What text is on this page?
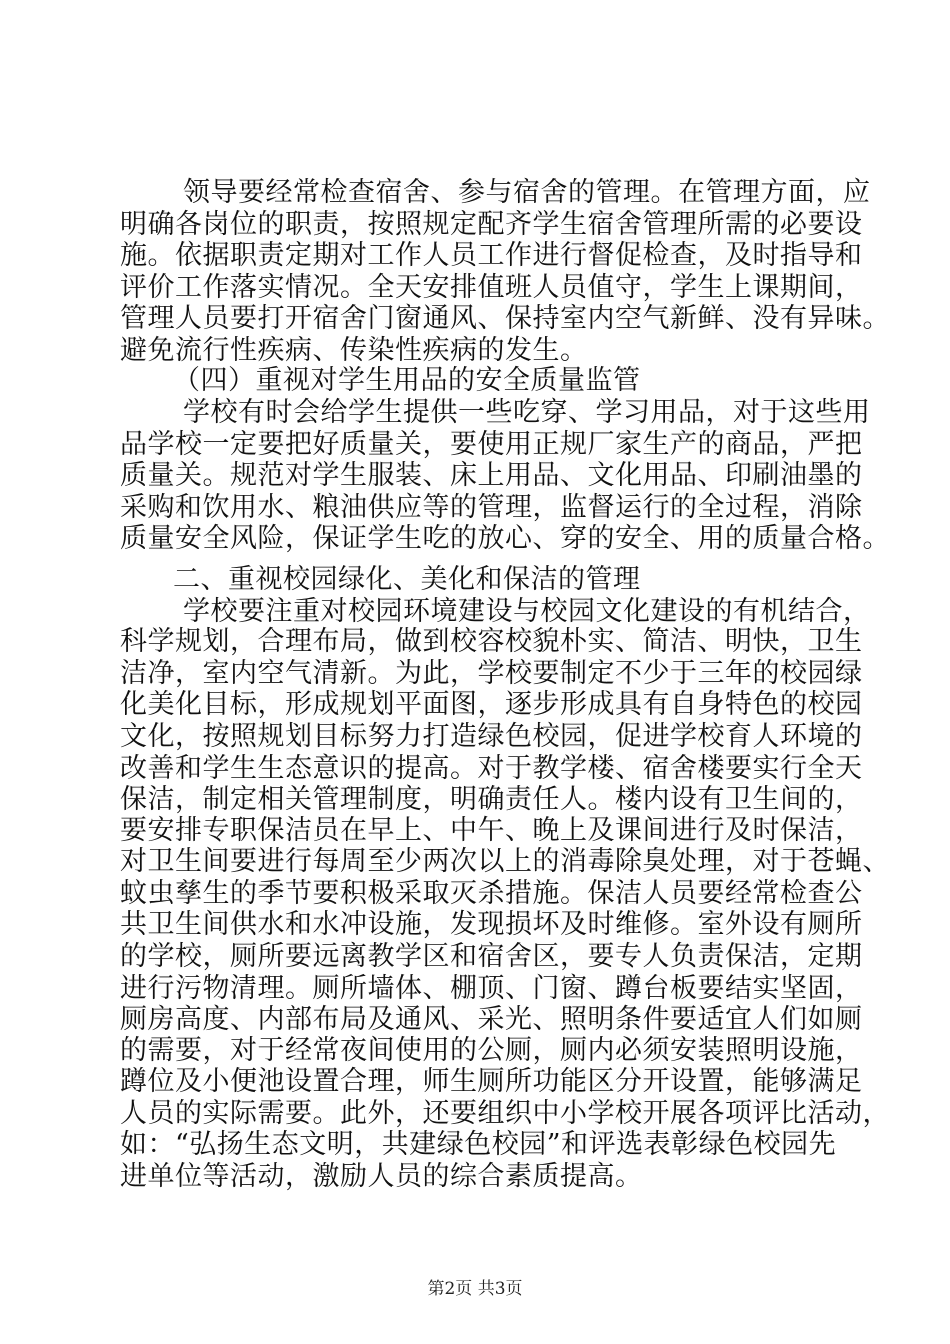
领导要经常检查宿舍、参与宿舍的管理。在管理方面，应
明确各岗位的职责，按照规定配齐学生宿舍管理所需的必要设
施。依据职责定期对工作人员工作进行督促检查，及时指导和
评价工作落实情况。全天安排值班人员值守，学生上课期间，
管理人员要打开宿舍门窗通风、保持室内空气新鲜、没有异味。
避免流行性疾病、传染性疾病的发生。
（四）重视对学生用品的安全质量监管
学校有时会给学生提供一些吃穿、学习用品，对于这些用
品学校一定要把好质量关，要使用正规厂家生产的商品，严把
质量关。规范对学生服装、床上用品、文化用品、印刷油墨的
采购和饮用水、粮油供应等的管理，监督运行的全过程，消除
质量安全风险，保证学生吃的放心、穿的安全、用的质量合格。
二、重视校园绿化、美化和保洁的管理
学校要注重对校园环境建设与校园文化建设的有机结合，
科学规划，合理布局，做到校容校貌朴实、简洁、明快，卫生
洁净，室内空气清新。为此，学校要制定不少于三年的校园绿
化美化目标，形成规划平面图，逐步形成具有自身特色的校园
文化，按照规划目标努力打造绿色校园，促进学校育人环境的
改善和学生生态意识的提高。对于教学楼、宿舍楼要实行全天
保洁，制定相关管理制度，明确责任人。楼内设有卫生间的，
要安排专职保洁员在早上、中午、晚上及课间进行及时保洁，
对卫生间要进行每周至少两次以上的消毒除臭处理，对于苍蝇、
蚊虫孳生的季节要积极采取灭杀措施。保洁人员要经常检查公
共卫生间供水和水冲设施，发现损坏及时维修。室外设有厕所
的学校，厕所要远离教学区和宿舍区，要专人负责保洁，定期
进行污物清理。厕所墙体、棚顶、门窗、蹲台板要结实坚固，
厕房高度、内部布局及通风、采光、照明条件要适宜人们如厕
的需要，对于经常夜间使用的公厕，厕内必须安装照明设施，
蹲位及小便池设置合理，师生厕所功能区分开设置，能够满足
人员的实际需要。此外，还要组织中小学校开展各项评比活动，
如：“弘扬生态文明，共建绿色校园”和评选表彰绿色校园先
进单位等活动，激励人员的综合素质提高。
第2页 共3页
